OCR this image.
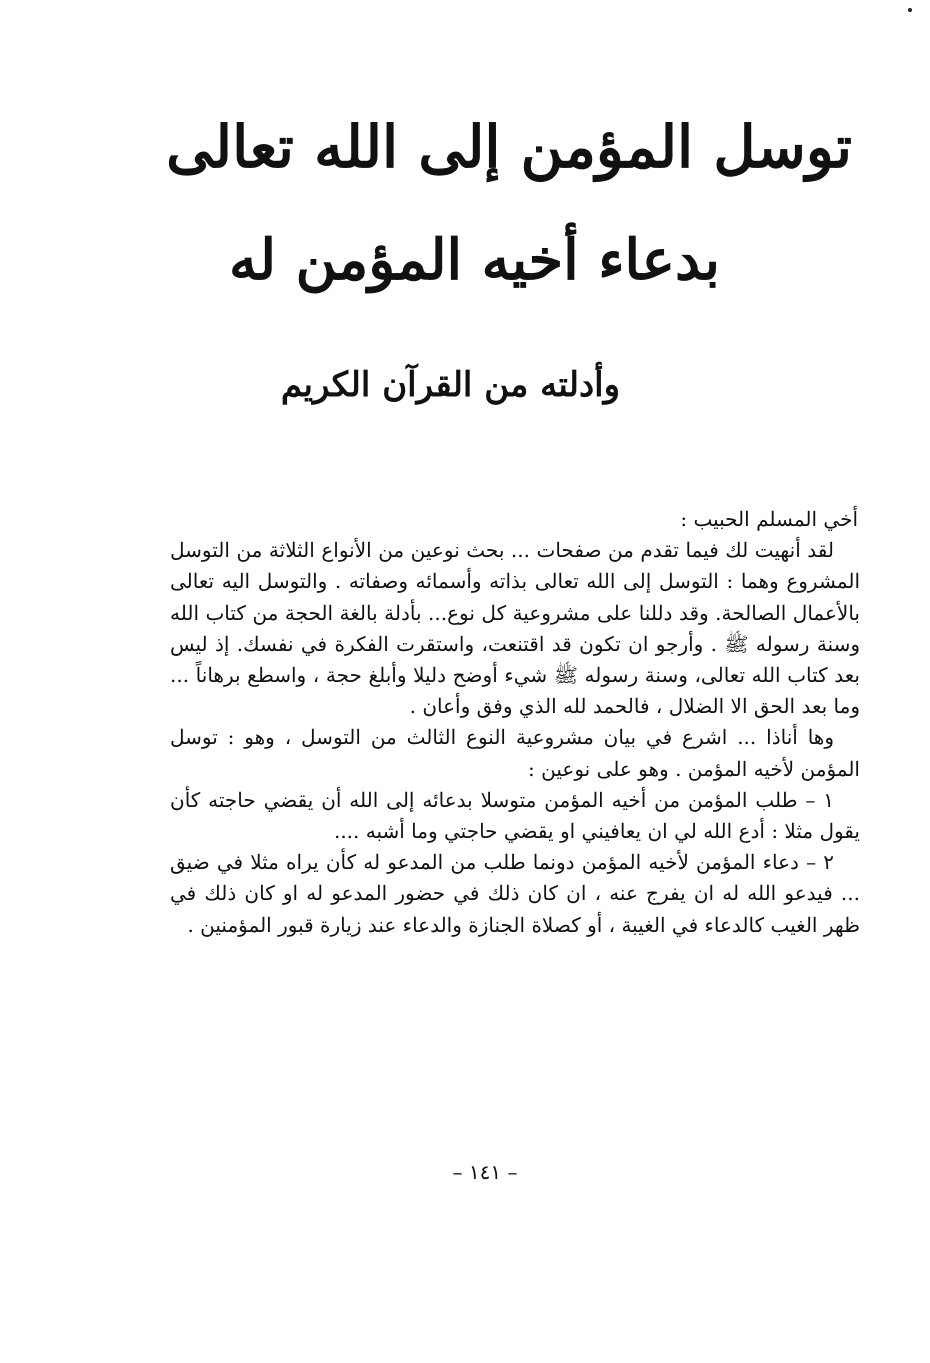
توسل المؤمن إلى الله تعالى
بدعاء أخيه المؤمن له
وأدلته من القرآن الكريم

أخي المسلم الحبيب :

لقد أنهيت لك فيما تقدم من صفحات ... بحث نوعين من الأنواع الثلاثة من التوسل المشروع وهما : التوسل إلى الله تعالى بذاته وأسمائه وصفاته . والتوسل اليه تعالى بالأعمال الصالحة. وقد دللنا على مشروعية كل نوع... بأدلة بالغة الحجة من كتاب الله وسنة رسوله ﷺ . وأرجو ان تكون قد اقتنعت، واستقرت الفكرة في نفسك. إذ ليس بعد كتاب الله تعالى، وسنة رسوله ﷺ شيء أوضح دليلا وأبلغ حجة ، واسطع برهاناً ... وما بعد الحق الا الضلال ، فالحمد لله الذي وفق وأعان .

وها أناذا ... اشرع في بيان مشروعية النوع الثالث من التوسل ، وهو : توسل المؤمن لأخيه المؤمن . وهو على نوعين :

١ – طلب المؤمن من أخيه المؤمن متوسلا بدعائه إلى الله أن يقضي حاجته كأن يقول مثلا : أدع الله لي ان يعافيني او يقضي حاجتي وما أشبه ....

٢ – دعاء المؤمن لأخيه المؤمن دونما طلب من المدعو له كأن يراه مثلا في ضيق ... فيدعو الله له ان يفرج عنه ، ان كان ذلك في حضور المدعو له او كان ذلك في ظهر الغيب كالدعاء في الغيبة ، أو كصلاة الجنازة والدعاء عند زيارة قبور المؤمنين .

– ١٤١ –
